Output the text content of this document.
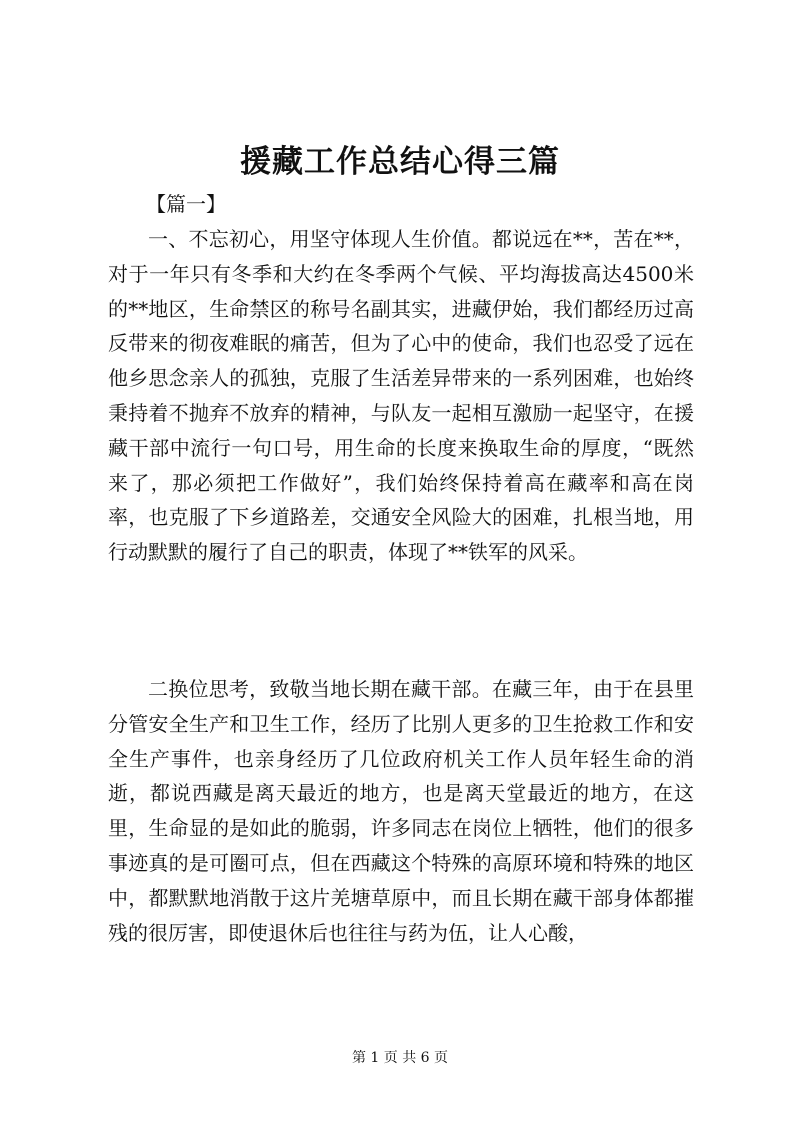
援藏工作总结心得三篇

【篇一】

一、不忘初心，用坚守体现人生价值。都说远在**，苦在**，对于一年只有冬季和大约在冬季两个气候、平均海拔高达4500米的**地区，生命禁区的称号名副其实，进藏伊始，我们都经历过高反带来的彻夜难眠的痛苦，但为了心中的使命，我们也忍受了远在他乡思念亲人的孤独，克服了生活差异带来的一系列困难，也始终秉持着不抛弃不放弃的精神，与队友一起相互激励一起坚守，在援藏干部中流行一句口号，用生命的长度来换取生命的厚度，“既然来了，那必须把工作做好”，我们始终保持着高在藏率和高在岗率，也克服了下乡道路差，交通安全风险大的困难，扎根当地，用行动默默的履行了自己的职责，体现了**铁军的风采。

二换位思考，致敬当地长期在藏干部。在藏三年，由于在县里分管安全生产和卫生工作，经历了比别人更多的卫生抢救工作和安全生产事件，也亲身经历了几位政府机关工作人员年轻生命的消逝，都说西藏是离天最近的地方，也是离天堂最近的地方，在这里，生命显的是如此的脆弱，许多同志在岗位上牺牲，他们的很多事迹真的是可圈可点，但在西藏这个特殊的高原环境和特殊的地区中，都默默地消散于这片羌塘草原中，而且长期在藏干部身体都摧残的很厉害，即使退休后也往往与药为伍，让人心酸，

第 1 页 共 6 页
